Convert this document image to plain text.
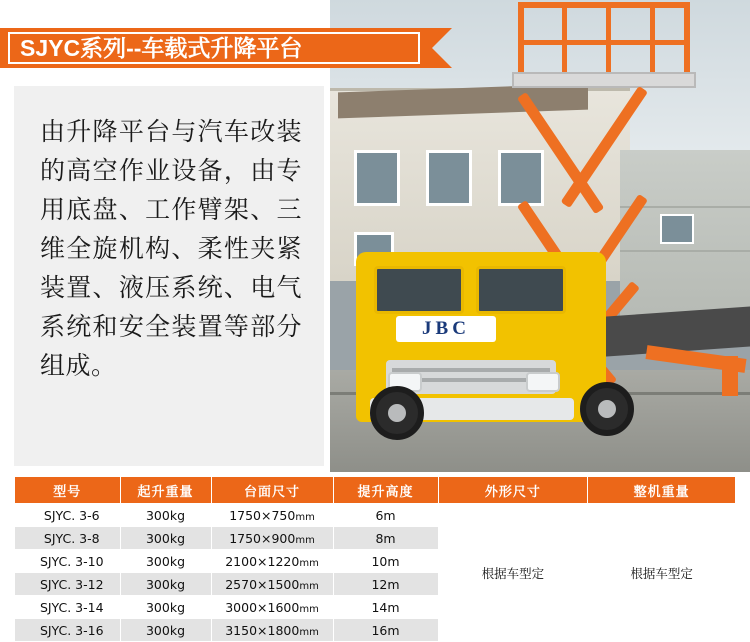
SJYC系列--车载式升降平台
由升降平台与汽车改装的高空作业设备，由专用底盘、工作臂架、三维全旋机构、柔性夹紧装置、液压系统、电气系统和安全装置等部分组成。
JBC
型号	起升重量	台面尺寸	提升高度	外形尺寸	整机重量
SJYC. 3-6	300kg	1750×750mm	6m	根据车型定	根据车型定
SJYC. 3-8	300kg	1750×900mm	8m		
SJYC. 3-10	300kg	2100×1220mm	10m		
SJYC. 3-12	300kg	2570×1500mm	12m		
SJYC. 3-14	300kg	3000×1600mm	14m		
SJYC. 3-16	300kg	3150×1800mm	16m		
